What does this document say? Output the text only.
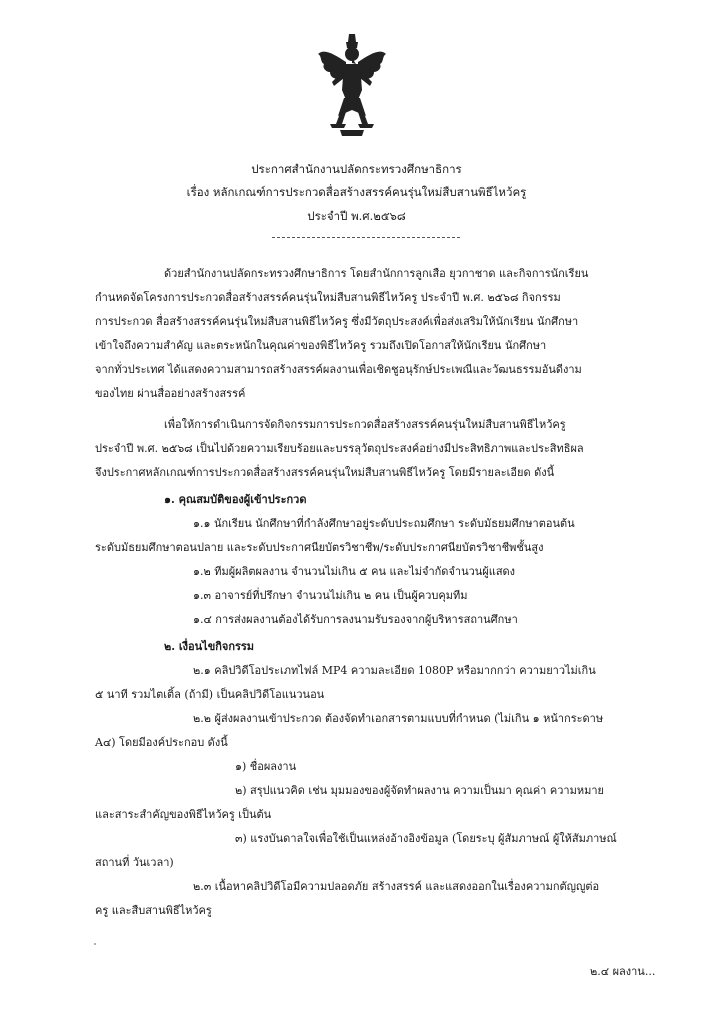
ประกาศสำนักงานปลัดกระทรวงศึกษาธิการ
เรื่อง หลักเกณฑ์การประกวดสื่อสร้างสรรค์คนรุ่นใหม่สืบสานพิธีไหว้ครู
ประจำปี พ.ศ.๒๕๖๘
ด้วยสำนักงานปลัดกระทรวงศึกษาธิการ โดยสำนักการลูกเสือ ยุวกาชาด และกิจการนักเรียน
กำนหดจัดโครงการประกวดสื่อสร้างสรรค์คนรุ่นใหม่สืบสานพิธีไหว้ครู ประจำปี พ.ศ. ๒๕๖๘ กิจกรรม
การประกวด สื่อสร้างสรรค์คนรุ่นใหม่สืบสานพิธีไหว้ครู ซึ่งมีวัตถุประสงค์เพื่อส่งเสริมให้นักเรียน นักศึกษา
เข้าใจถึงความสำคัญ และตระหนักในคุณค่าของพิธีไหว้ครู รวมถึงเปิดโอกาสให้นักเรียน นักศึกษา
จากทั่วประเทศ ได้แสดงความสามารถสร้างสรรค์ผลงานเพื่อเชิดชูอนุรักษ์ประเพณีและวัฒนธรรมอันดีงาม
ของไทย ผ่านสื่ออย่างสร้างสรรค์
เพื่อให้การดำเนินการจัดกิจกรรมการประกวดสื่อสร้างสรรค์คนรุ่นใหม่สืบสานพิธีไหว้ครู
ประจำปี พ.ศ. ๒๕๖๘ เป็นไปด้วยความเรียบร้อยและบรรลุวัตถุประสงค์อย่างมีประสิทธิภาพและประสิทธิผล
จึงประกาศหลักเกณฑ์การประกวดสื่อสร้างสรรค์คนรุ่นใหม่สืบสานพิธีไหว้ครู โดยมีรายละเอียด ดังนี้
๑. คุณสมบัติของผู้เข้าประกวด
๑.๑ นักเรียน นักศึกษาที่กำลังศึกษาอยู่ระดับประถมศึกษา ระดับมัธยมศึกษาตอนต้น
ระดับมัธยมศึกษาตอนปลาย และระดับประกาศนียบัตรวิชาชีพ/ระดับประกาศนียบัตรวิชาชีพชั้นสูง
๑.๒ ทีมผู้ผลิตผลงาน จำนวนไม่เกิน ๕ คน และไม่จำกัดจำนวนผู้แสดง
๑.๓ อาจารย์ที่ปรึกษา จำนวนไม่เกิน ๒ คน เป็นผู้ควบคุมทีม
๑.๔ การส่งผลงานต้องได้รับการลงนามรับรองจากผู้บริหารสถานศึกษา
๒. เงื่อนไขกิจกรรม
๒.๑ คลิปวิดีโอประเภทไฟล์ MP4 ความละเอียด 1080P หรือมากกว่า ความยาวไม่เกิน
๕ นาที รวมไตเติ้ล (ถ้ามี) เป็นคลิปวิดีโอแนวนอน
๒.๒ ผู้ส่งผลงานเข้าประกวด ต้องจัดทำเอกสารตามแบบที่กำหนด (ไม่เกิน ๑ หน้ากระดาษ
A๔) โดยมีองค์ประกอบ ดังนี้
๑) ชื่อผลงาน
๒) สรุปแนวคิด เช่น มุมมองของผู้จัดทำผลงาน ความเป็นมา คุณค่า ความหมาย
และสาระสำคัญของพิธีไหว้ครู เป็นต้น
๓) แรงบันดาลใจเพื่อใช้เป็นแหล่งอ้างอิงข้อมูล (โดยระบุ ผู้สัมภาษณ์ ผู้ให้สัมภาษณ์
สถานที่ วันเวลา)
๒.๓ เนื้อหาคลิปวิดีโอมีความปลอดภัย สร้างสรรค์ และแสดงออกในเรื่องความกตัญญูต่อ
ครู และสืบสานพิธีไหว้ครู
๒.๔ ผลงาน...
